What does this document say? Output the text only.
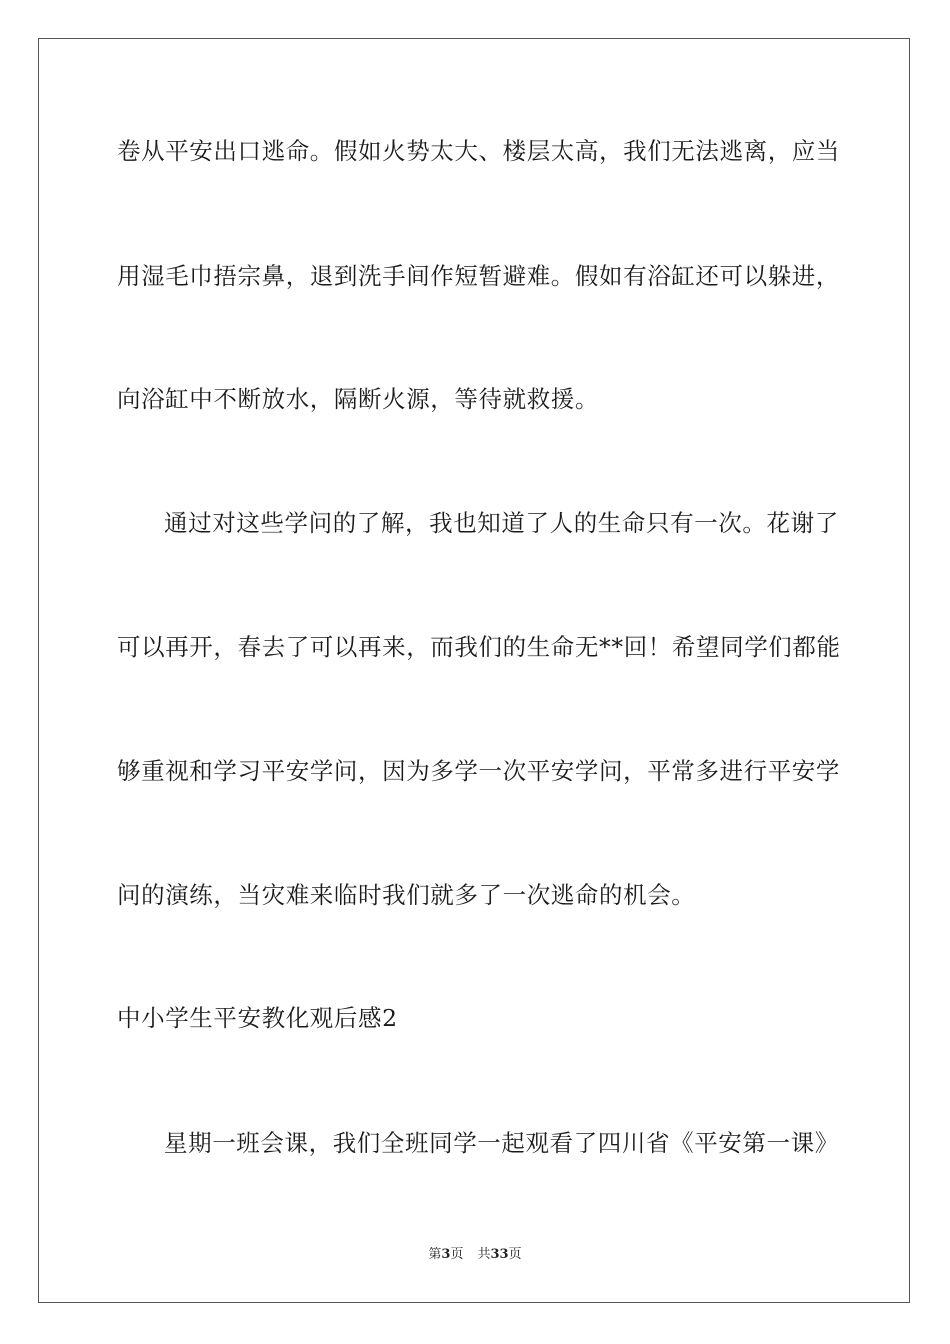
卷从平安出口逃命。假如火势太大、楼层太高，我们无法逃离，应当
用湿毛巾捂宗鼻，退到洗手间作短暂避难。假如有浴缸还可以躲进，
向浴缸中不断放水，隔断火源，等待就救援。
通过对这些学问的了解，我也知道了人的生命只有一次。花谢了
可以再开，春去了可以再来，而我们的生命无**回！希望同学们都能
够重视和学习平安学问，因为多学一次平安学问，平常多进行平安学
问的演练，当灾难来临时我们就多了一次逃命的机会。
中小学生平安教化观后感2
星期一班会课，我们全班同学一起观看了四川省《平安第一课》
第3页 共33页
